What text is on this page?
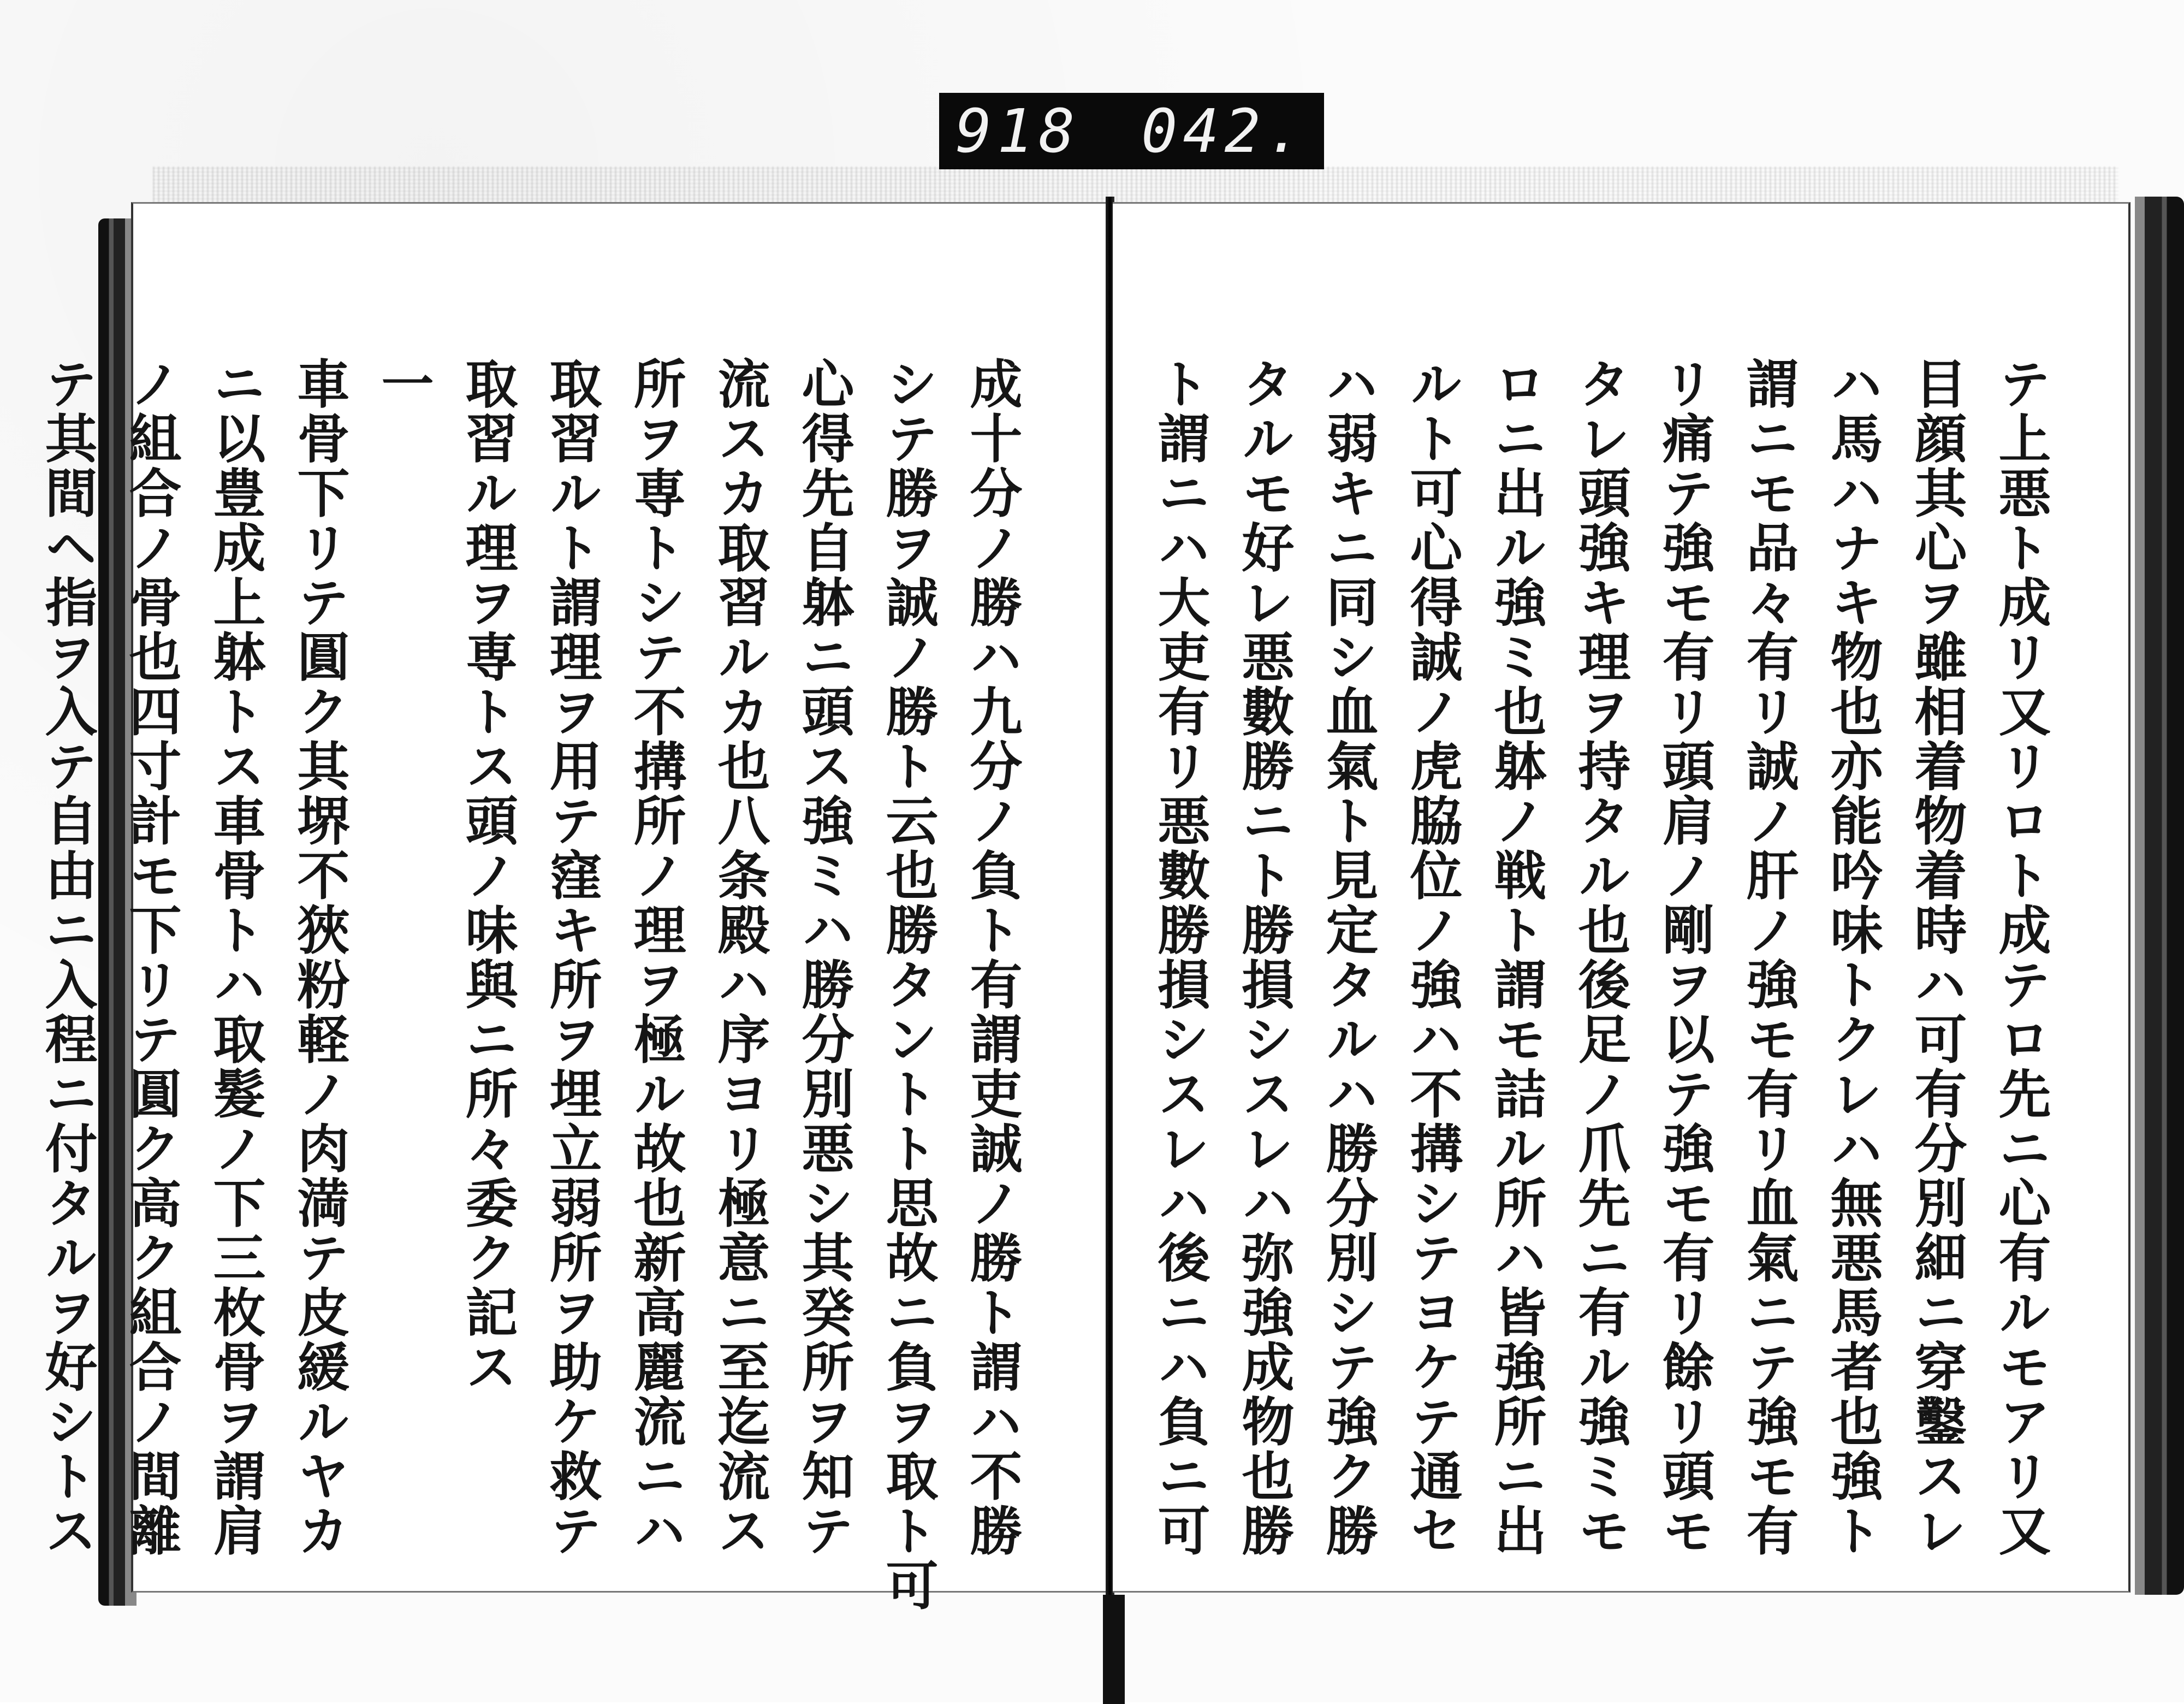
918 042.
成十分ノ勝ハ九分ノ負ト有謂吏誠ノ勝ト謂ハ不勝
シテ勝ヲ誠ノ勝ト云也勝タントト思故ニ負ヲ取ト可
心得先自躰ニ頭ス強ミハ勝分別悪シ其癸所ヲ知テ
流スカ取習ルカ也八条殿ハ序ヨリ極意ニ至迄流ス
所ヲ専トシテ不搆所ノ理ヲ極ル故也新高麗流ニハ
取習ルト謂理ヲ用テ窪キ所ヲ埋立弱所ヲ助ケ救テ
取習ル理ヲ専トス頭ノ味與ニ所々委ク記ス
一
車骨下リテ圓ク其堺不狹粉軽ノ肉満テ皮緩ルヤカ
ニ以豊成上躰トス車骨トハ取髮ノ下三枚骨ヲ謂肩
ノ組合ノ骨也四寸計モ下リテ圓ク高ク組合ノ間離
テ其間ヘ指ヲ入テ自由ニ入程ニ付タルヲ好シトス	テ上悪ト成リ又リロト成テロ先ニ心有ルモアリ又
目顔其心ヲ雖相着物着時ハ可有分別細ニ穿鑿スレ
ハ馬ハナキ物也亦能吟味トクレハ無悪馬者也強ト
謂ニモ品々有リ誠ノ肝ノ強モ有リ血氣ニテ強モ有
リ痛テ強モ有リ頭肩ノ剛ヲ以テ強モ有リ餘リ頭モ
タレ頭強キ理ヲ持タル也後足ノ爪先ニ有ル強ミモ
ロニ出ル強ミ也躰ノ戦ト謂モ詰ル所ハ皆強所ニ出
ルト可心得誠ノ虎脇位ノ強ハ不搆シテヨケテ通セ
ハ弱キニ同シ血氣ト見定タルハ勝分別シテ強ク勝
タルモ好レ悪數勝ニト勝損シスレハ弥強成物也勝
ト謂ニハ大吏有リ悪數勝損シスレハ後ニハ負ニ可
